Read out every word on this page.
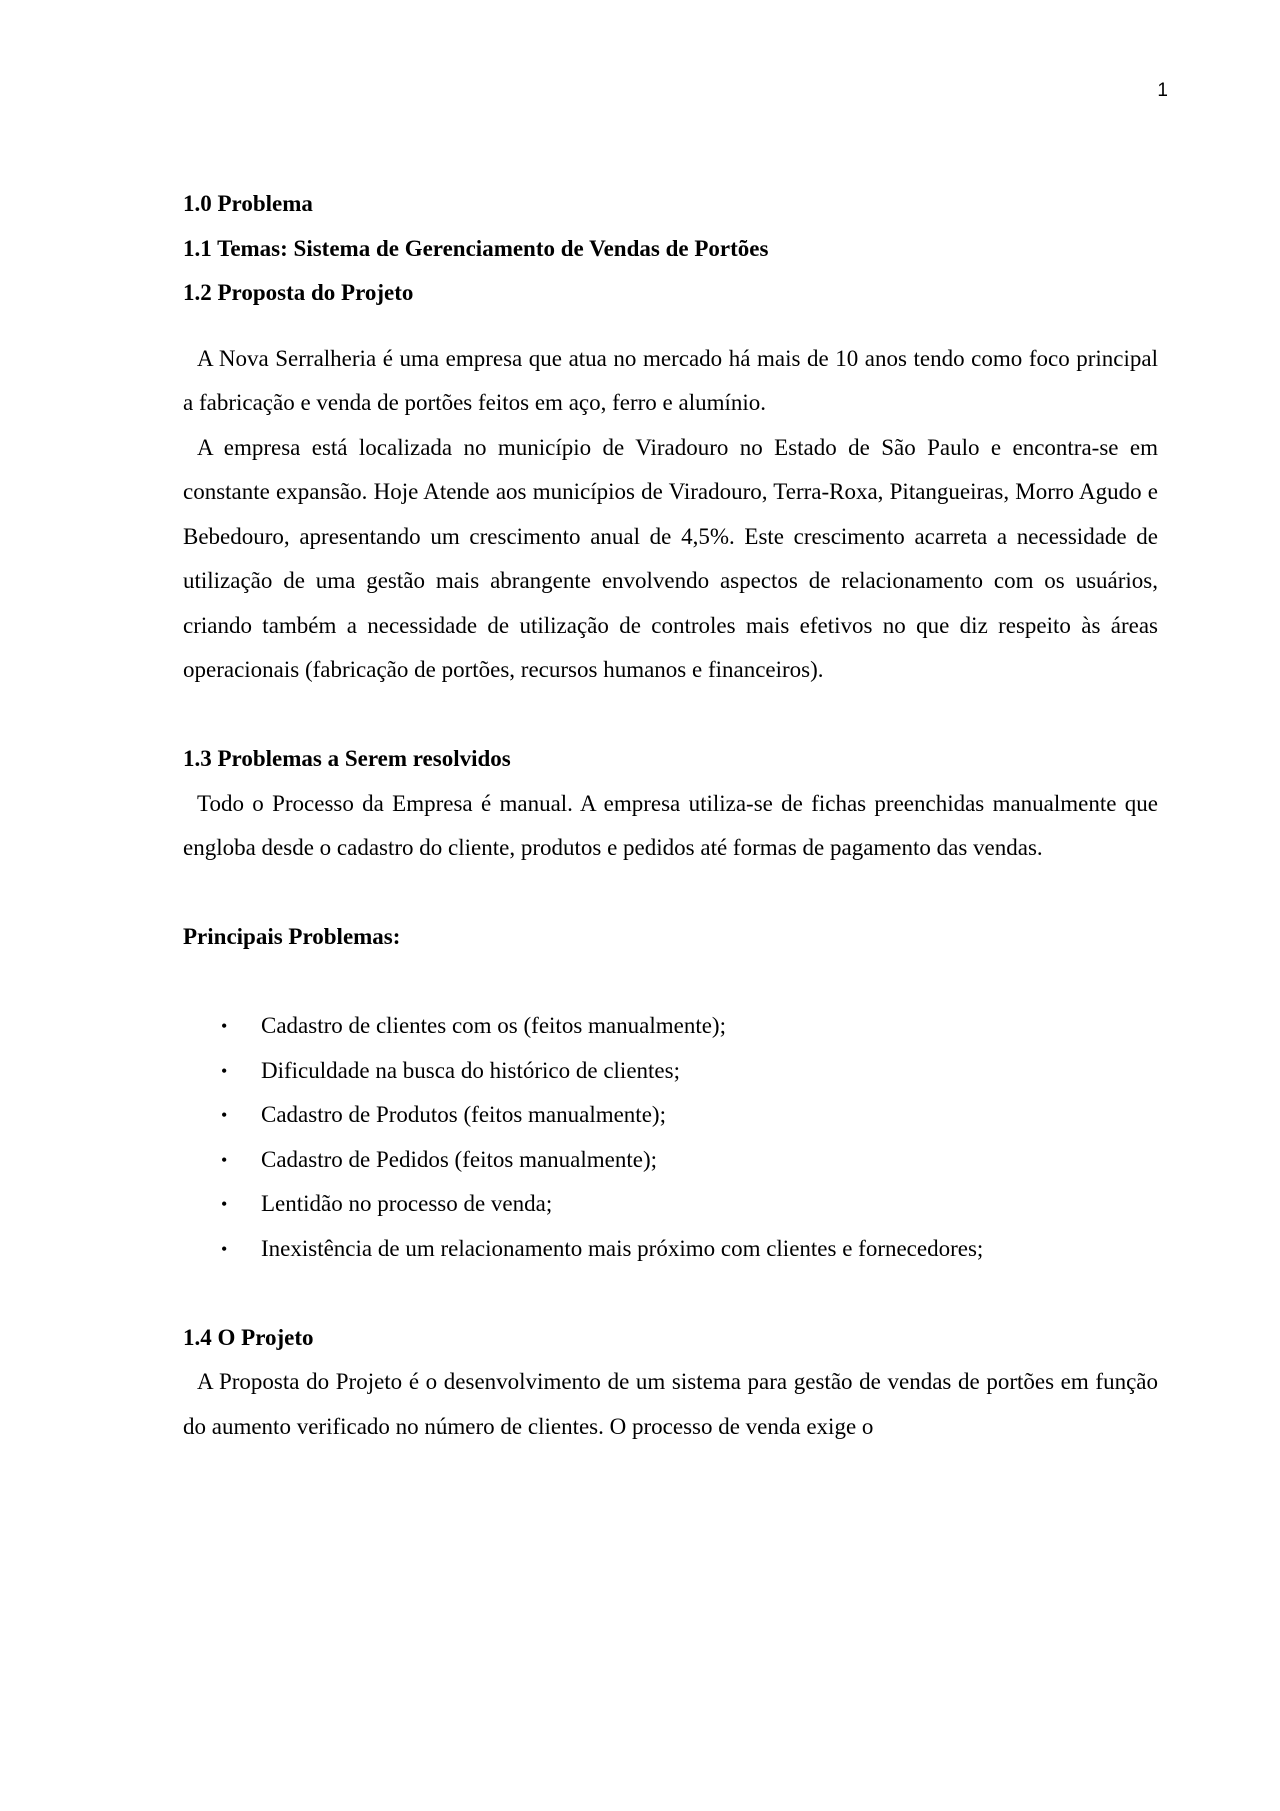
1

1.0 Problema

1.1 Temas: Sistema de Gerenciamento de Vendas de Portões

1.2 Proposta do Projeto

A Nova Serralheria é uma empresa que atua no mercado há mais de 10 anos tendo como foco principal a fabricação e venda de portões feitos em aço, ferro e alumínio.

A empresa está localizada no município de Viradouro no Estado de São Paulo e encontra-se em constante expansão. Hoje Atende aos municípios de Viradouro, Terra-Roxa, Pitangueiras, Morro Agudo e Bebedouro, apresentando um crescimento anual de 4,5%. Este crescimento acarreta a necessidade de utilização de uma gestão mais abrangente envolvendo aspectos de relacionamento com os usuários, criando também a necessidade de utilização de controles mais efetivos no que diz respeito às áreas operacionais (fabricação de portões, recursos humanos e financeiros).

1.3 Problemas a Serem resolvidos

Todo o Processo da Empresa é manual. A empresa utiliza-se de fichas preenchidas manualmente que engloba desde o cadastro do cliente, produtos e pedidos até formas de pagamento das vendas.

Principais Problemas:

• Cadastro de clientes com os (feitos manualmente);
• Dificuldade na busca do histórico de clientes;
• Cadastro de Produtos (feitos manualmente);
• Cadastro de Pedidos (feitos manualmente);
• Lentidão no processo de venda;
• Inexistência de um relacionamento mais próximo com clientes e fornecedores;

1.4 O Projeto

A Proposta do Projeto é o desenvolvimento de um sistema para gestão de vendas de portões em função do aumento verificado no número de clientes. O processo de venda exige o
